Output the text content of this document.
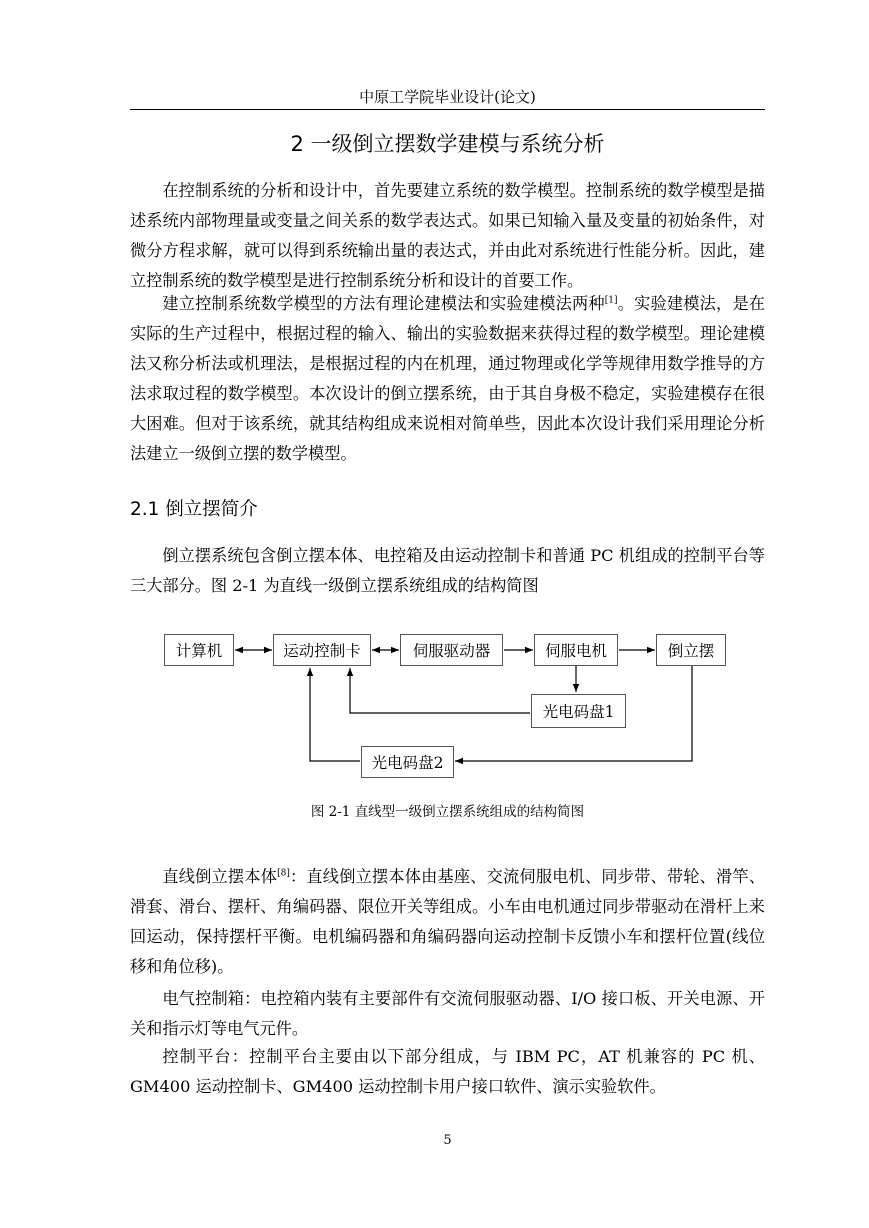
中原工学院毕业设计(论文)
2 一级倒立摆数学建模与系统分析

在控制系统的分析和设计中，首先要建立系统的数学模型。控制系统的数学模型是描述系统内部物理量或变量之间关系的数学表达式。如果已知输入量及变量的初始条件，对微分方程求解，就可以得到系统输出量的表达式，并由此对系统进行性能分析。因此，建立控制系统的数学模型是进行控制系统分析和设计的首要工作。

建立控制系统数学模型的方法有理论建模法和实验建模法两种[1]。实验建模法，是在实际的生产过程中，根据过程的输入、输出的实验数据来获得过程的数学模型。理论建模法又称分析法或机理法，是根据过程的内在机理，通过物理或化学等规律用数学推导的方法求取过程的数学模型。本次设计的倒立摆系统，由于其自身极不稳定，实验建模存在很大困难。但对于该系统，就其结构组成来说相对简单些，因此本次设计我们采用理论分析法建立一级倒立摆的数学模型。

2.1 倒立摆简介

倒立摆系统包含倒立摆本体、电控箱及由运动控制卡和普通 PC 机组成的控制平台等三大部分。图 2-1 为直线一级倒立摆系统组成的结构简图

计算机	运动控制卡	伺服驱动器	伺服电机	倒立摆
光电码盘1
光电码盘2
图 2-1 直线型一级倒立摆系统组成的结构简图

直线倒立摆本体[8]：直线倒立摆本体由基座、交流伺服电机、同步带、带轮、滑竿、滑套、滑台、摆杆、角编码器、限位开关等组成。小车由电机通过同步带驱动在滑杆上来回运动，保持摆杆平衡。电机编码器和角编码器向运动控制卡反馈小车和摆杆位置(线位移和角位移)。

电气控制箱：电控箱内装有主要部件有交流伺服驱动器、I/O 接口板、开关电源、开关和指示灯等电气元件。

控制平台：控制平台主要由以下部分组成，与 IBM PC，AT 机兼容的 PC 机、GM400 运动控制卡、GM400 运动控制卡用户接口软件、演示实验软件。

5
